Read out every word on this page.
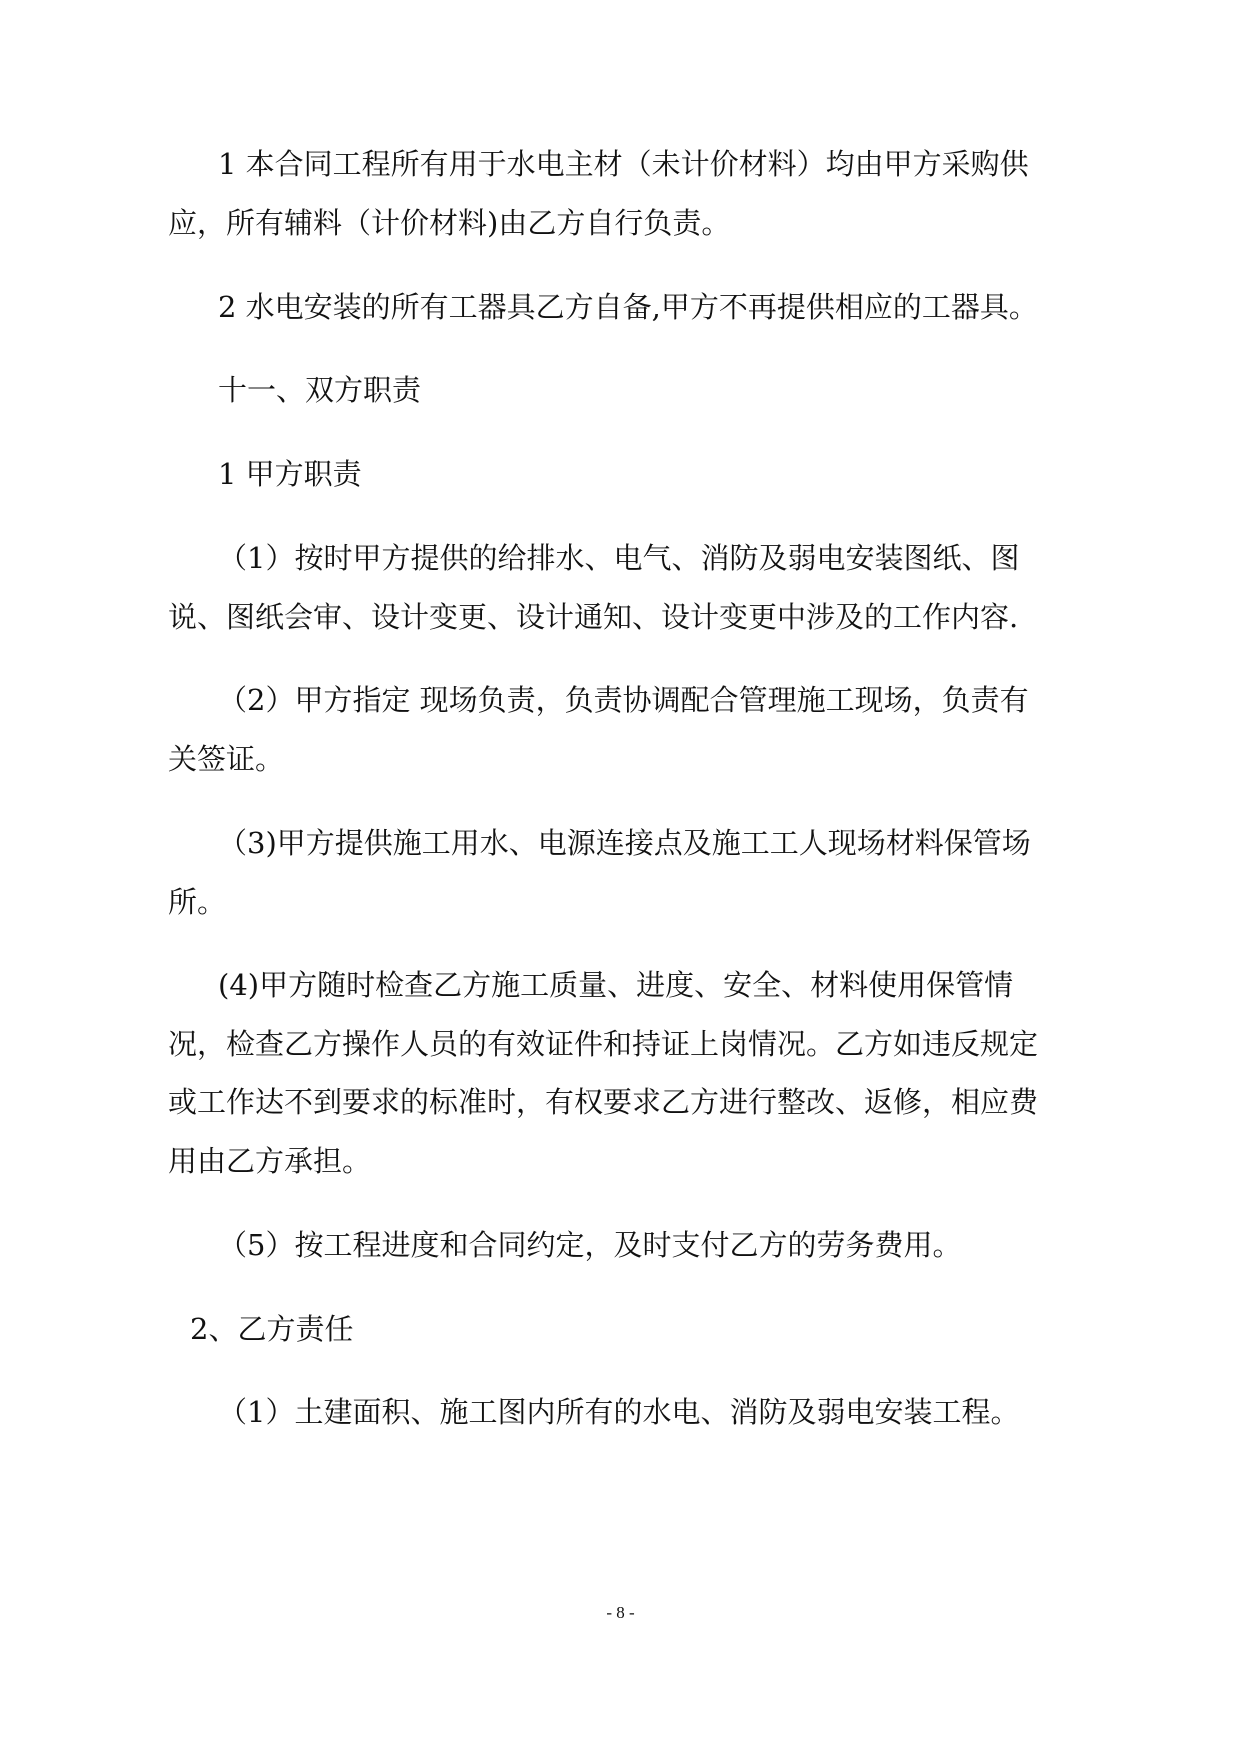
1 本合同工程所有用于水电主材（未计价材料）均由甲方采购供

应，所有辅料（计价材料)由乙方自行负责。

2 水电安装的所有工器具乙方自备,甲方不再提供相应的工器具。

十一、双方职责

1 甲方职责

（1）按时甲方提供的给排水、电气、消防及弱电安装图纸、图

说、图纸会审、设计变更、设计通知、设计变更中涉及的工作内容.

（2）甲方指定 现场负责，负责协调配合管理施工现场，负责有

关签证。

（3)甲方提供施工用水、电源连接点及施工工人现场材料保管场

所。

(4)甲方随时检查乙方施工质量、进度、安全、材料使用保管情

况，检查乙方操作人员的有效证件和持证上岗情况。乙方如违反规定

或工作达不到要求的标准时，有权要求乙方进行整改、返修，相应费

用由乙方承担。

（5）按工程进度和合同约定，及时支付乙方的劳务费用。

2、乙方责任

（1）土建面积、施工图内所有的水电、消防及弱电安装工程。

- 8 -
